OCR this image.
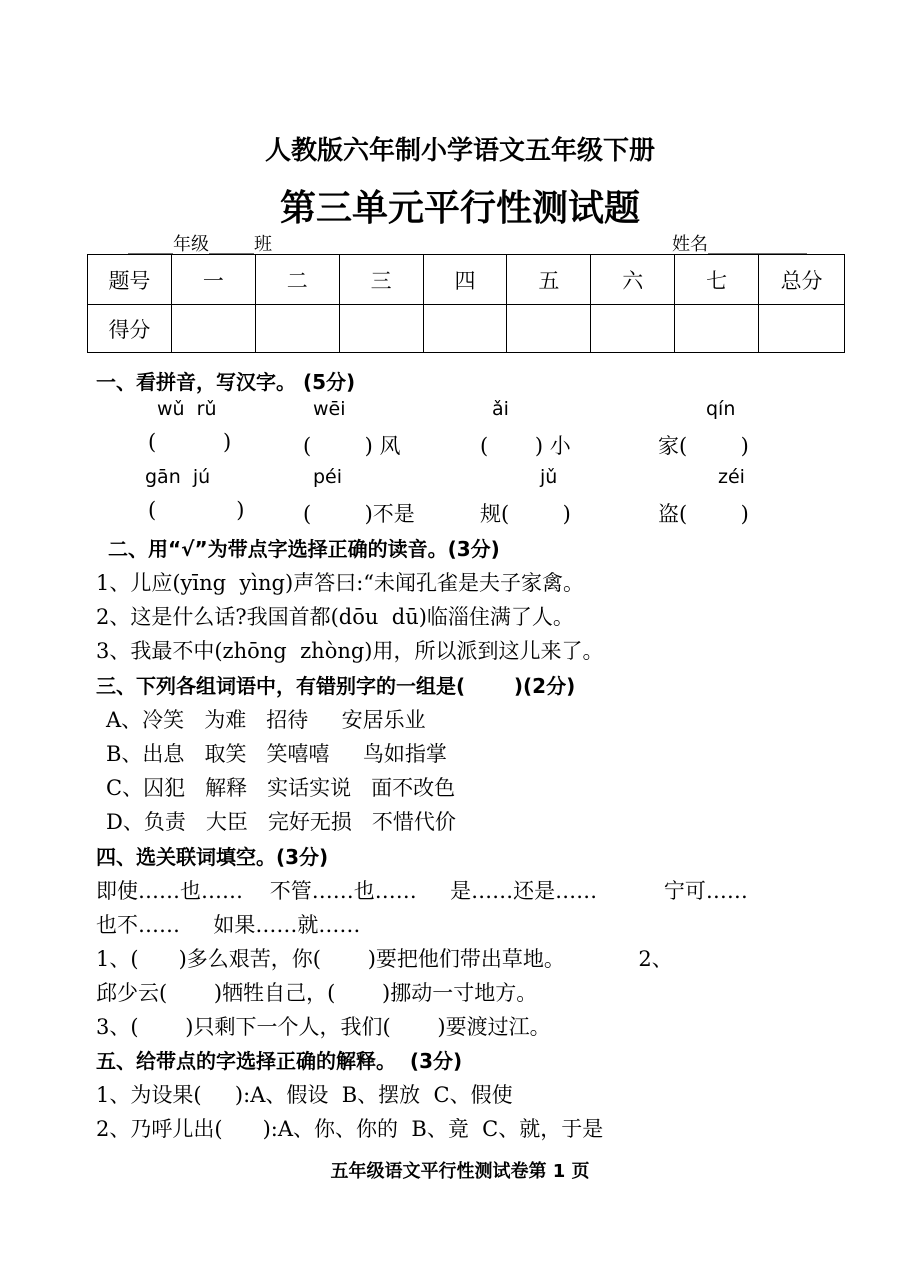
人教版六年制小学语文五年级下册
第三单元平行性测试题
_____年级_____班	姓名___________
题号	一	二	三	四	五	六	七	总分
得分								
一、看拼音，写汉字。 (5分)
wǔ  rǔ	wēi	ǎi	qín
(          )	(        ) 风	(       ) 小	家(        )
gān  jú	péi	jǔ	zéi
(            )	(        )不是	规(        )	盗(        )
二、用“√”为带点字选择正确的读音。(3分)
1、儿应(yīng  yìng)声答曰:“未闻孔雀是夫子家禽。
2、这是什么话?我国首都(dōu  dū)临淄住满了人。
3、我最不中(zhōng  zhòng)用，所以派到这儿来了。
三、下列各组词语中，有错别字的一组是(       )(2分)
A、冷笑   为难   招待     安居乐业
B、出息   取笑   笑嘻嘻     鸟如指掌
C、囚犯   解释   实话实说   面不改色
D、负责   大臣   完好无损   不惜代价
四、选关联词填空。(3分)
即使……也……    不管……也……     是……还是……          宁可……
也不……     如果……就……
1、(      )多么艰苦，你(       )要把他们带出草地。           2、
邱少云(       )牺牲自己，(       )挪动一寸地方。
3、(       )只剩下一个人，我们(       )要渡过江。
五、给带点的字选择正确的解释。  (3分)
1、为设果(     ):A、假设  B、摆放  C、假使
2、乃呼儿出(      ):A、你、你的  B、竟  C、就，于是
五年级语文平行性测试卷第 1 页
